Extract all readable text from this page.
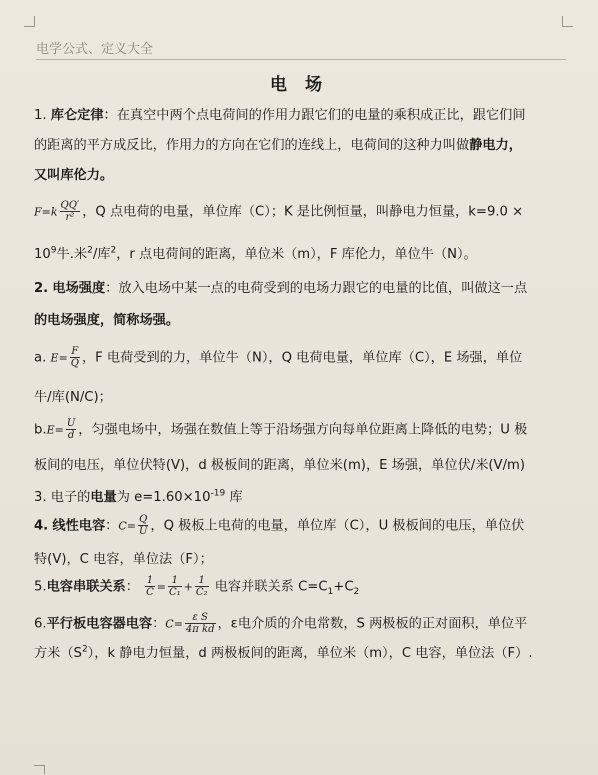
电学公式、定义大全
电 场
1. 库仑定律：在真空中两个点电荷间的作用力跟它们的电量的乘积成正比，跟它们间
的距离的平方成反比，作用力的方向在它们的连线上，电荷间的这种力叫做静电力，
又叫库伦力。
$F=k \frac{QQ'}{\text{r²}}$ ，Q 点电荷的电量，单位库（C）；K 是比例恒量，叫静电力恒量，k=9.0 ×
$10^9$牛.米$^2$/库$^2$，r 点电荷间的距离，单位米（m），F 库伦力，单位牛（N）。
2. 电场强度：放入电场中某一点的电荷受到的电场力跟它的电量的比值，叫做这一点
的电场强度，简称场强。
a. $E= \frac{F}{Q}$ ，F 电荷受到的力，单位牛（N），Q 电荷电量，单位库（C），E 场强，单位
牛/库(N/C)；
$b.E= \frac{U}{d}$ ，匀强电场中，场强在数值上等于沿场强方向每单位距离上降低的电势；U 极
板间的电压，单位伏特(V)，d 极板间的距离，单位米(m)，E 场强，单位伏/米(V/m)
3. 电子的电量为 $e=1.60\times 10^{-19}$ 库
4. 线性电容：$C= \frac{Q}{U}$ ，Q 极板上电荷的电量，单位库（C），U 极板间的电压，单位伏
特(V)，C 电容，单位法（F）；
5.电容串联关系： $\frac{1}{C} = \frac{1}{\text{C₁}} + \frac{1}{\text{C₂}}$ 电容并联关系 $C=C_1+C_2$
6.平行板电容器电容：$C= \frac{\text{ε S}}{\text{4π kd}}$ ，ε电介质的介电常数，S 两极板的正对面积，单位平
方米$(S^2)$，k 静电力恒量，d 两极板间的距离，单位米（m），C 电容，单位法（F）.
